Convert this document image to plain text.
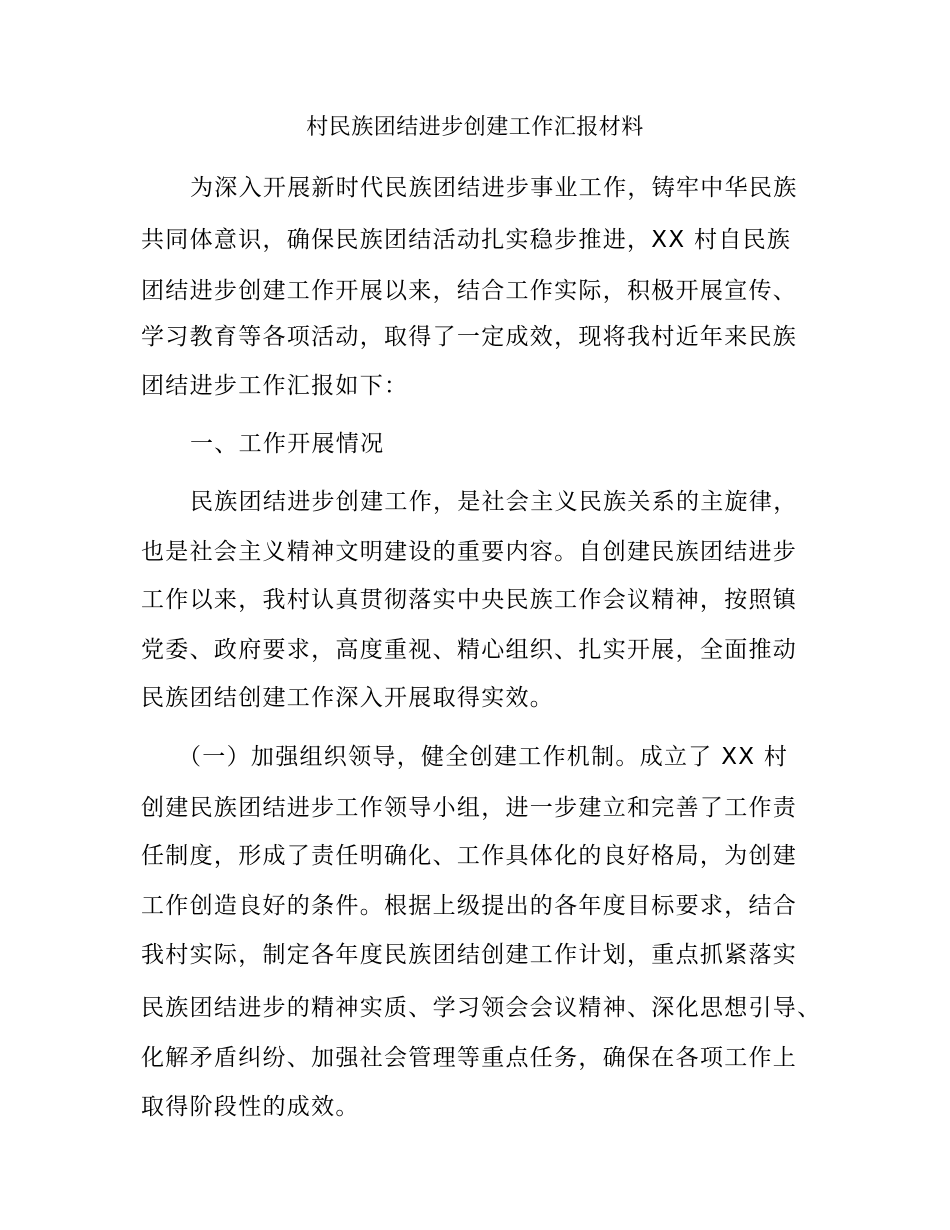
村民族团结进步创建工作汇报材料
为深入开展新时代民族团结进步事业工作，铸牢中华民族
共同体意识，确保民族团结活动扎实稳步推进，XX 村自民族
团结进步创建工作开展以来，结合工作实际，积极开展宣传、
学习教育等各项活动，取得了一定成效，现将我村近年来民族
团结进步工作汇报如下：
一、工作开展情况
民族团结进步创建工作，是社会主义民族关系的主旋律，
也是社会主义精神文明建设的重要内容。自创建民族团结进步
工作以来，我村认真贯彻落实中央民族工作会议精神，按照镇
党委、政府要求，高度重视、精心组织、扎实开展，全面推动
民族团结创建工作深入开展取得实效。
（一）加强组织领导，健全创建工作机制。成立了 XX 村
创建民族团结进步工作领导小组，进一步建立和完善了工作责
任制度，形成了责任明确化、工作具体化的良好格局，为创建
工作创造良好的条件。根据上级提出的各年度目标要求，结合
我村实际，制定各年度民族团结创建工作计划，重点抓紧落实
民族团结进步的精神实质、学习领会会议精神、深化思想引导、
化解矛盾纠纷、加强社会管理等重点任务，确保在各项工作上
取得阶段性的成效。
